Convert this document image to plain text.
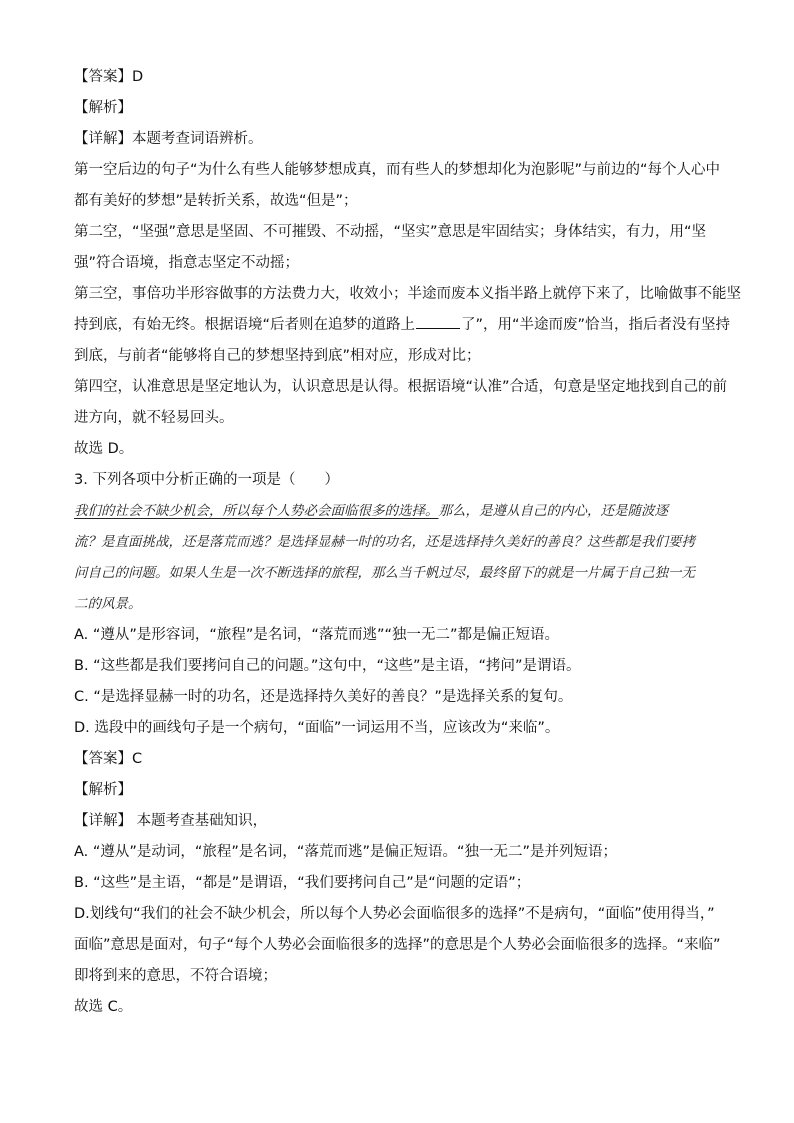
【答案】D
【解析】
【详解】本题考查词语辨析。
第一空后边的句子“为什么有些人能够梦想成真，而有些人的梦想却化为泡影呢”与前边的“每个人心中
都有美好的梦想”是转折关系，故选“但是”；
第二空，“坚强”意思是坚固、不可摧毁、不动摇，“坚实”意思是牢固结实；身体结实，有力，用“坚
强”符合语境，指意志坚定不动摇；
第三空，事倍功半形容做事的方法费力大，收效小；半途而废本义指半路上就停下来了，比喻做事不能坚
持到底，有始无终。根据语境“后者则在追梦的道路上	了”，用“半途而废”恰当，指后者没有坚持
到底，与前者“能够将自己的梦想坚持到底”相对应，形成对比；
第四空，认准意思是坚定地认为，认识意思是认得。根据语境“认准”合适，句意是坚定地找到自己的前
进方向，就不轻易回头。
故选 D。
3. 下列各项中分析正确的一项是（　　）
我们的社会不缺少机会，所以每个人势必会面临很多的选择。那么，是遵从自己的内心，还是随波逐
流？是直面挑战，还是落荒而逃？是选择显赫一时的功名，还是选择持久美好的善良？这些都是我们要拷
问自己的问题。如果人生是一次不断选择的旅程，那么当千帆过尽，最终留下的就是一片属于自己独一无
二的风景。
A. “遵从”是形容词，“旅程”是名词，“落荒而逃”“独一无二”都是偏正短语。
B. “这些都是我们要拷问自己的问题。”这句中，“这些”是主语，“拷问”是谓语。
C. “是选择显赫一时的功名，还是选择持久美好的善良？”是选择关系的复句。
D. 选段中的画线句子是一个病句，“面临”一词运用不当，应该改为“来临”。
【答案】C
【解析】
【详解】 本题考查基础知识，
A. “遵从”是动词，“旅程”是名词，“落荒而逃”是偏正短语。“独一无二”是并列短语；
B. “这些”是主语，“都是”是谓语，“我们要拷问自己”是“问题的定语”；
D.划线句“我们的社会不缺少机会，所以每个人势必会面临很多的选择”不是病句，“面临”使用得当，”
面临”意思是面对，句子“每个人势必会面临很多的选择”的意思是个人势必会面临很多的选择。“来临”
即将到来的意思，不符合语境；
故选 C。
